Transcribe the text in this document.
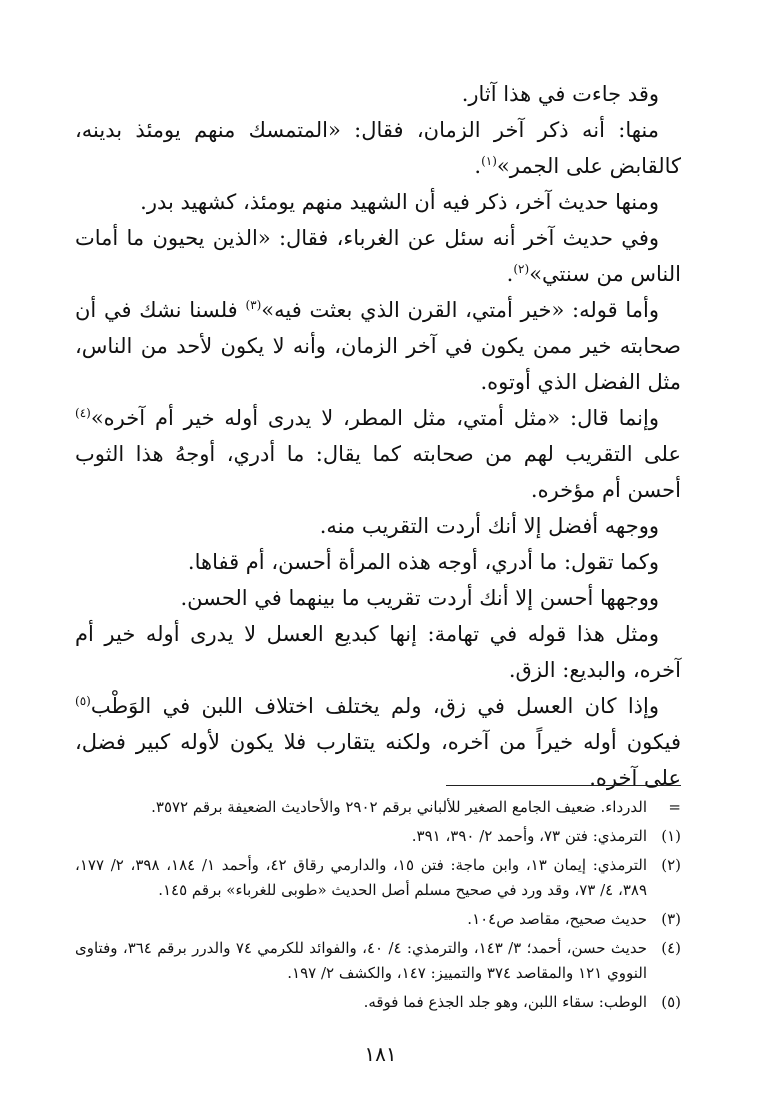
وقد جاءت في هذا آثار.

منها: أنه ذكر آخر الزمان، فقال: «المتمسك منهم يومئذ بدينه، كالقابض على الجمر»$^{(١)}$.

ومنها حديث آخر، ذكر فيه أن الشهيد منهم يومئذ، كشهيد بدر.

وفي حديث آخر أنه سئل عن الغرباء، فقال: «الذين يحيون ما أمات الناس من سنتي»$^{(٢)}$.

وأما قوله: «خير أمتي، القرن الذي بعثت فيه»$^{(٣)}$ فلسنا نشك في أن صحابته خير ممن يكون في آخر الزمان، وأنه لا يكون لأحد من الناس، مثل الفضل الذي أوتوه.

وإنما قال: «مثل أمتي، مثل المطر، لا يدرى أوله خير أم آخره»$^{(٤)}$ على التقريب لهم من صحابته كما يقال: ما أدري، أوجهُ هذا الثوب أحسن أم مؤخره.

ووجهه أفضل إلا أنك أردت التقريب منه.

وكما تقول: ما أدري، أوجه هذه المرأة أحسن، أم قفاها.

ووجهها أحسن إلا أنك أردت تقريب ما بينهما في الحسن.

ومثل هذا قوله في تهامة: إنها كبديع العسل لا يدرى أوله خير أم آخره، والبديع: الزق.

وإذا كان العسل في زق، ولم يختلف اختلاف اللبن في الوَطْب$^{(٥)}$ فيكون أوله خيراً من آخره، ولكنه يتقارب فلا يكون لأوله كبير فضل، على آخره.

=
الدرداء. ضعيف الجامع الصغير للألباني برقم ٢٩٠٢ والأحاديث الضعيفة برقم ٣٥٧٢.
(١)
الترمذي: فتن ٧٣، وأحمد ٢/ ٣٩٠، ٣٩١.
(٢)
الترمذي: إيمان ١٣، وابن ماجة: فتن ١٥، والدارمي رقاق ٤٢، وأحمد ١/ ١٨٤، ٣٩٨، ٢/ ١٧٧، ٣٨٩، ٤/ ٧٣، وقد ورد في صحيح مسلم أصل الحديث «طوبى للغرباء» برقم ١٤٥.
(٣)
حديث صحيح، مقاصد ص١٠٤.
(٤)
حديث حسن، أحمد؛ ٣/ ١٤٣، والترمذي: ٤/ ٤٠، والفوائد للكرمي ٧٤ والدرر برقم ٣٦٤، وفتاوى النووي ١٢١ والمقاصد ٣٧٤ والتمييز: ١٤٧، والكشف ٢/ ١٩٧.
(٥)
الوطب: سقاء اللبن، وهو جلد الجذع فما فوقه.
١٨١
